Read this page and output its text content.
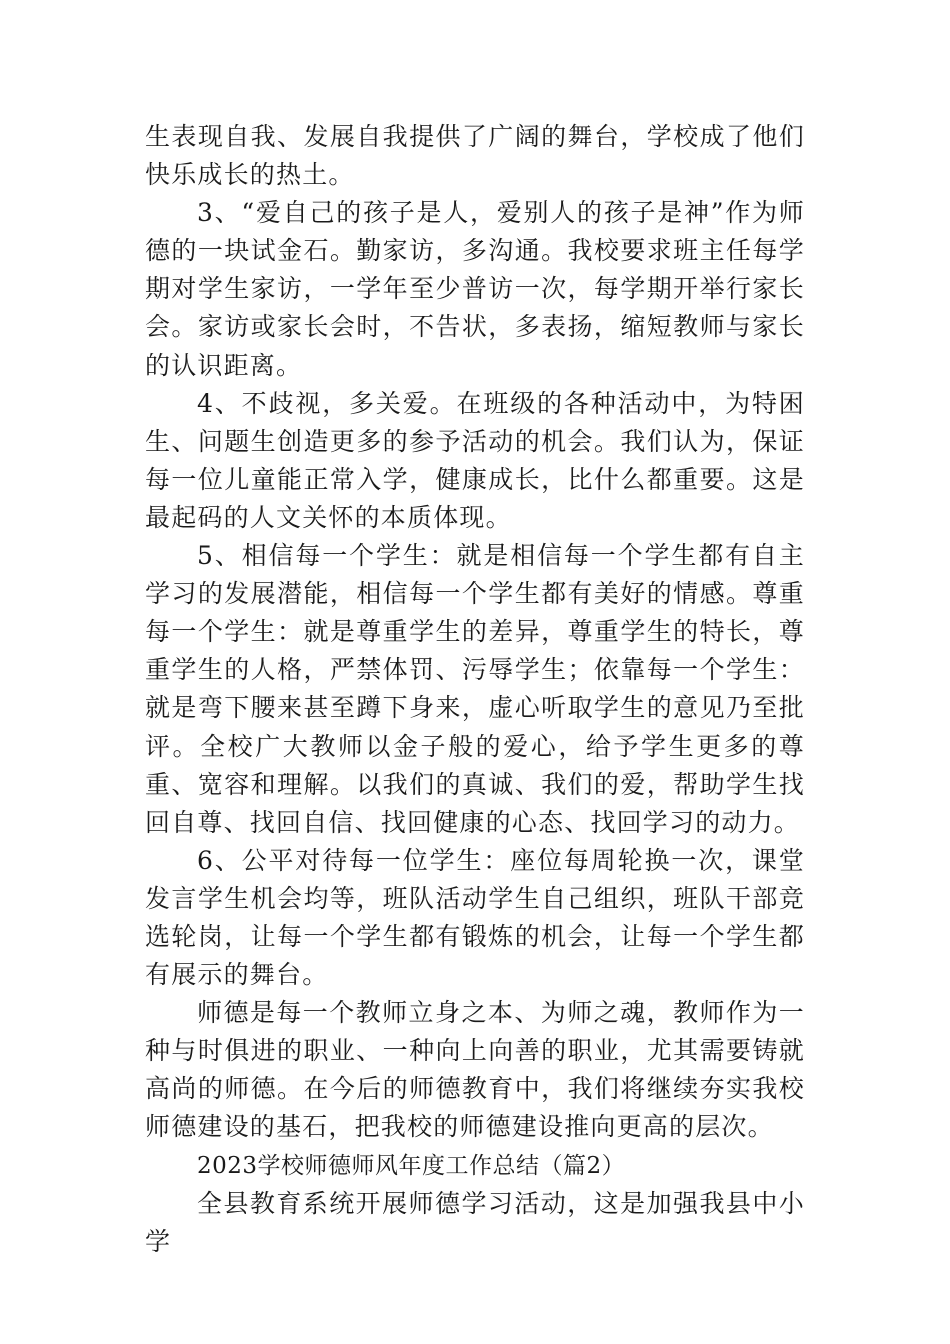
生表现自我、发展自我提供了广阔的舞台，学校成了他们快乐成长的热土。

3、“爱自己的孩子是人，爱别人的孩子是神”作为师德的一块试金石。勤家访，多沟通。我校要求班主任每学期对学生家访，一学年至少普访一次，每学期开举行家长会。家访或家长会时，不告状，多表扬，缩短教师与家长的认识距离。

4、不歧视，多关爱。在班级的各种活动中，为特困生、问题生创造更多的参予活动的机会。我们认为，保证每一位儿童能正常入学，健康成长，比什么都重要。这是最起码的人文关怀的本质体现。

5、相信每一个学生：就是相信每一个学生都有自主学习的发展潜能，相信每一个学生都有美好的情感。尊重每一个学生：就是尊重学生的差异，尊重学生的特长，尊重学生的人格，严禁体罚、污辱学生；依靠每一个学生：就是弯下腰来甚至蹲下身来，虚心听取学生的意见乃至批评。全校广大教师以金子般的爱心，给予学生更多的尊重、宽容和理解。以我们的真诚、我们的爱，帮助学生找回自尊、找回自信、找回健康的心态、找回学习的动力。

6、公平对待每一位学生：座位每周轮换一次，课堂发言学生机会均等，班队活动学生自己组织，班队干部竞选轮岗，让每一个学生都有锻炼的机会，让每一个学生都有展示的舞台。

师德是每一个教师立身之本、为师之魂，教师作为一种与时俱进的职业、一种向上向善的职业，尤其需要铸就高尚的师德。在今后的师德教育中，我们将继续夯实我校师德建设的基石，把我校的师德建设推向更高的层次。

2023学校师德师风年度工作总结（篇2）

全县教育系统开展师德学习活动，这是加强我县中小学
